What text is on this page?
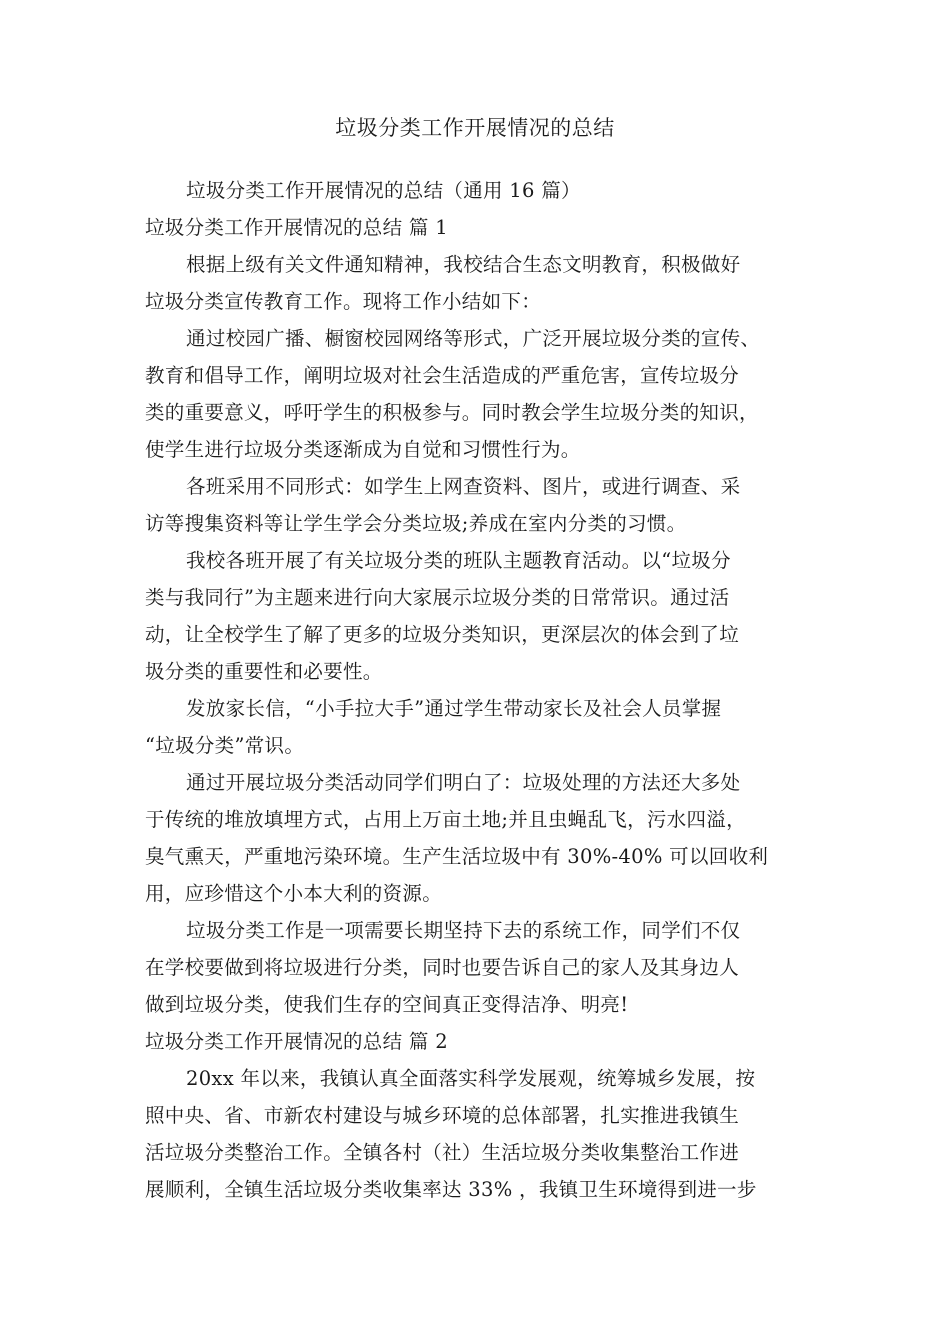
垃圾分类工作开展情况的总结

垃圾分类工作开展情况的总结（通用 16 篇）

垃圾分类工作开展情况的总结 篇 1

根据上级有关文件通知精神，我校结合生态文明教育，积极做好

垃圾分类宣传教育工作。现将工作小结如下：

通过校园广播、橱窗校园网络等形式，广泛开展垃圾分类的宣传、

教育和倡导工作，阐明垃圾对社会生活造成的严重危害，宣传垃圾分

类的重要意义，呼吁学生的积极参与。同时教会学生垃圾分类的知识，

使学生进行垃圾分类逐渐成为自觉和习惯性行为。

各班采用不同形式：如学生上网查资料、图片，或进行调查、采

访等搜集资料等让学生学会分类垃圾;养成在室内分类的习惯。

我校各班开展了有关垃圾分类的班队主题教育活动。以“垃圾分

类与我同行”为主题来进行向大家展示垃圾分类的日常常识。通过活

动，让全校学生了解了更多的垃圾分类知识，更深层次的体会到了垃

圾分类的重要性和必要性。

发放家长信，“小手拉大手”通过学生带动家长及社会人员掌握

“垃圾分类”常识。

通过开展垃圾分类活动同学们明白了：垃圾处理的方法还大多处

于传统的堆放填埋方式，占用上万亩土地;并且虫蝇乱飞，污水四溢，

臭气熏天，严重地污染环境。生产生活垃圾中有 30%-40% 可以回收利

用，应珍惜这个小本大利的资源。

垃圾分类工作是一项需要长期坚持下去的系统工作，同学们不仅

在学校要做到将垃圾进行分类，同时也要告诉自己的家人及其身边人

做到垃圾分类，使我们生存的空间真正变得洁净、明亮!

垃圾分类工作开展情况的总结 篇 2

20xx 年以来，我镇认真全面落实科学发展观，统筹城乡发展，按

照中央、省、市新农村建设与城乡环境的总体部署，扎实推进我镇生

活垃圾分类整治工作。全镇各村（社）生活垃圾分类收集整治工作进

展顺利，全镇生活垃圾分类收集率达 33% ，我镇卫生环境得到进一步
